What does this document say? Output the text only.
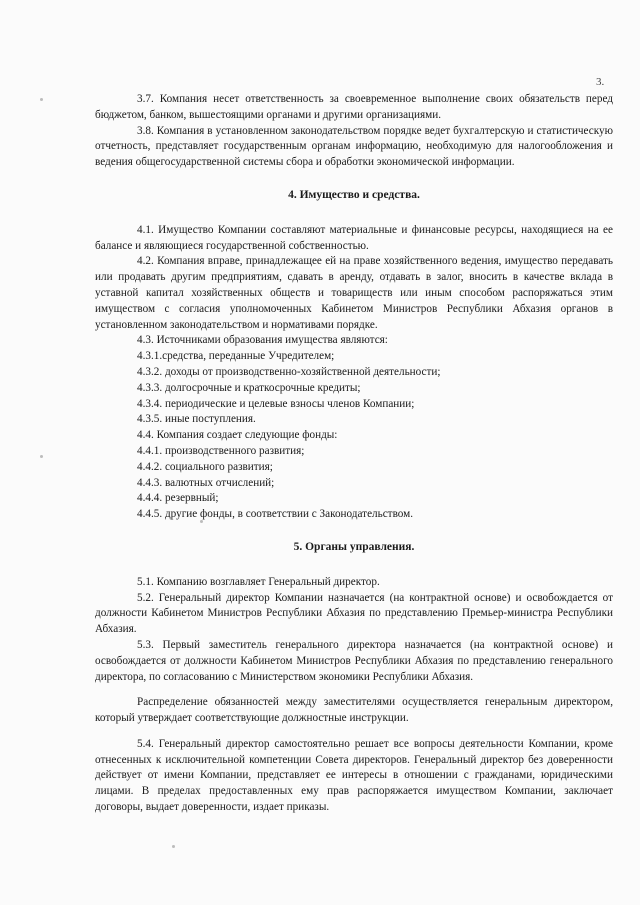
3.

3.7. Компания несет ответственность за своевременное выполнение своих обязательств перед бюджетом, банком, вышестоящими органами и другими организациями.

3.8. Компания в установленном законодательством порядке ведет бухгалтерскую и статистическую отчетность, представляет государственным органам информацию, необходимую для налогообложения и ведения общегосударственной системы сбора и обработки экономической информации.

4. Имущество и средства.

4.1. Имущество Компании составляют материальные и финансовые ресурсы, находящиеся на ее балансе и являющиеся государственной собственностью.

4.2. Компания вправе, принадлежащее ей на праве хозяйственного ведения, имущество передавать или продавать другим предприятиям, сдавать в аренду, отдавать в залог, вносить в качестве вклада в уставной капитал хозяйственных обществ и товариществ или иным способом распоряжаться этим имуществом с согласия уполномоченных Кабинетом Министров Республики Абхазия органов в установленном законодательством и нормативами порядке.

4.3. Источниками образования имущества являются:

4.3.1.средства, переданные Учредителем;

4.3.2. доходы от производственно-хозяйственной деятельности;

4.3.3. долгосрочные и краткосрочные кредиты;

4.3.4. периодические и целевые взносы членов Компании;

4.3.5. иные поступления.

4.4. Компания создает следующие фонды:

4.4.1. производственного развития;

4.4.2. социального развития;

4.4.3. валютных отчислений;

4.4.4. резервный;

4.4.5. другие фонды, в соответствии с Законодательством.

5. Органы управления.

5.1. Компанию возглавляет Генеральный директор.

5.2. Генеральный директор Компании назначается (на контрактной основе) и освобождается от должности Кабинетом Министров Республики Абхазия по представлению Премьер-министра Республики Абхазия.

5.3. Первый заместитель генерального директора назначается (на контрактной основе) и освобождается от должности Кабинетом Министров Республики Абхазия по представлению генерального директора, по согласованию с Министерством экономики Республики Абхазия.

Распределение обязанностей между заместителями осуществляется генеральным директором, который утверждает соответствующие должностные инструкции.

5.4. Генеральный директор самостоятельно решает все вопросы деятельности Компании, кроме отнесенных к исключительной компетенции Совета директоров. Генеральный директор без доверенности действует от имени Компании, представляет ее интересы в отношении с гражданами, юридическими лицами. В пределах предоставленных ему прав распоряжается имуществом Компании, заключает договоры, выдает доверенности, издает приказы.
